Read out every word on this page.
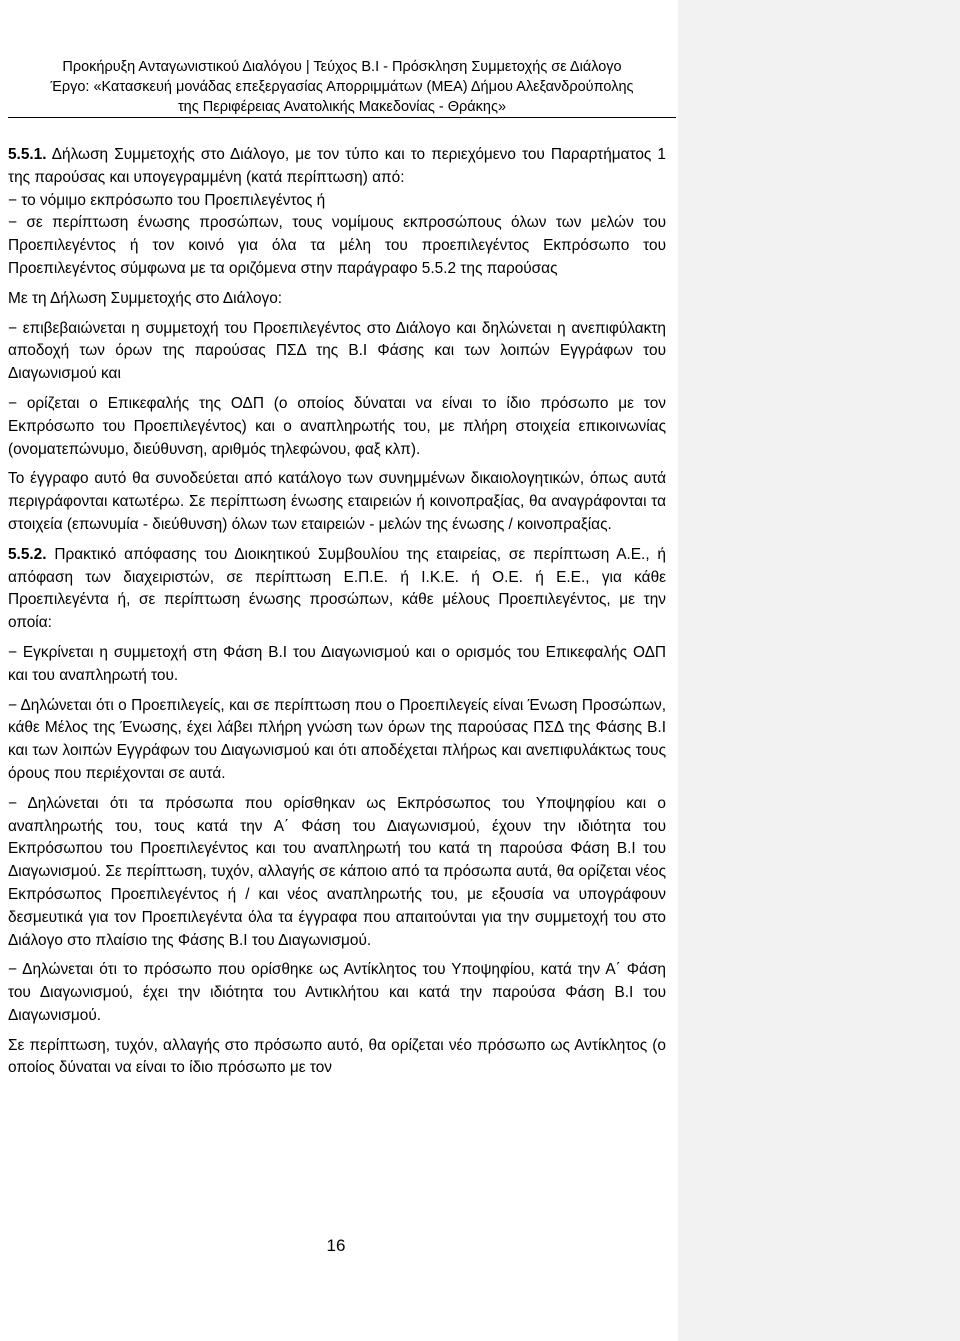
Προκήρυξη Ανταγωνιστικού Διαλόγου | Τεύχος Β.Ι - Πρόσκληση Συμμετοχής σε Διάλογο
Έργο: «Κατασκευή μονάδας επεξεργασίας Απορριμμάτων (ΜΕΑ) Δήμου Αλεξανδρούπολης
της Περιφέρειας Ανατολικής Μακεδονίας - Θράκης»

5.5.1. Δήλωση Συμμετοχής στο Διάλογο, με τον τύπο και το περιεχόμενο του Παραρτήματος 1 της παρούσας και υπογεγραμμένη (κατά περίπτωση) από:

− το νόμιμο εκπρόσωπο του Προεπιλεγέντος ή

− σε περίπτωση ένωσης προσώπων, τους νομίμους εκπροσώπους όλων των μελών του Προεπιλεγέντος ή τον κοινό για όλα τα μέλη του προεπιλεγέντος Εκπρόσωπο του Προεπιλεγέντος σύμφωνα με τα οριζόμενα στην παράγραφο 5.5.2 της παρούσας

Με τη Δήλωση Συμμετοχής στο Διάλογο:

− επιβεβαιώνεται η συμμετοχή του Προεπιλεγέντος στο Διάλογο και δηλώνεται η ανεπιφύλακτη αποδοχή των όρων της παρούσας ΠΣΔ της Β.Ι Φάσης και των λοιπών Εγγράφων του Διαγωνισμού και

− ορίζεται ο Επικεφαλής της ΟΔΠ (ο οποίος δύναται να είναι το ίδιο πρόσωπο με τον Εκπρόσωπο του Προεπιλεγέντος) και ο αναπληρωτής του, με πλήρη στοιχεία επικοινωνίας (ονοματεπώνυμο, διεύθυνση, αριθμός τηλεφώνου, φαξ κλπ).

Το έγγραφο αυτό θα συνοδεύεται από κατάλογο των συνημμένων δικαιολογητικών, όπως αυτά περιγράφονται κατωτέρω. Σε περίπτωση ένωσης εταιρειών ή κοινοπραξίας, θα αναγράφονται τα στοιχεία (επωνυμία - διεύθυνση) όλων των εταιρειών - μελών της ένωσης / κοινοπραξίας.

5.5.2. Πρακτικό απόφασης του Διοικητικού Συμβουλίου της εταιρείας, σε περίπτωση Α.Ε., ή απόφαση των διαχειριστών, σε περίπτωση Ε.Π.Ε. ή Ι.Κ.Ε. ή Ο.Ε. ή Ε.Ε., για κάθε Προεπιλεγέντα ή, σε περίπτωση ένωσης προσώπων, κάθε μέλους Προεπιλεγέντος, με την οποία:

− Εγκρίνεται η συμμετοχή στη Φάση Β.Ι του Διαγωνισμού και ο ορισμός του Επικεφαλής ΟΔΠ και του αναπληρωτή του.

− Δηλώνεται ότι ο Προεπιλεγείς, και σε περίπτωση που ο Προεπιλεγείς είναι Ένωση Προσώπων, κάθε Μέλος της Ένωσης, έχει λάβει πλήρη γνώση των όρων της παρούσας ΠΣΔ της Φάσης Β.Ι και των λοιπών Εγγράφων του Διαγωνισμού και ότι αποδέχεται πλήρως και ανεπιφυλάκτως τους όρους που περιέχονται σε αυτά.

− Δηλώνεται ότι τα πρόσωπα που ορίσθηκαν ως Εκπρόσωπος του Υποψηφίου και ο αναπληρωτής του, τους κατά την Α΄ Φάση του Διαγωνισμού, έχουν την ιδιότητα του Εκπρόσωπου του Προεπιλεγέντος και του αναπληρωτή του κατά τη παρούσα Φάση Β.Ι του Διαγωνισμού. Σε περίπτωση, τυχόν, αλλαγής σε κάποιο από τα πρόσωπα αυτά, θα ορίζεται νέος Εκπρόσωπος Προεπιλεγέντος ή / και νέος αναπληρωτής του, με εξουσία να υπογράφουν δεσμευτικά για τον Προεπιλεγέντα όλα τα έγγραφα που απαιτούνται για την συμμετοχή του στο Διάλογο στο πλαίσιο της Φάσης Β.Ι του Διαγωνισμού.

− Δηλώνεται ότι το πρόσωπο που ορίσθηκε ως Αντίκλητος του Υποψηφίου, κατά την Α΄ Φάση του Διαγωνισμού, έχει την ιδιότητα του Αντικλήτου και κατά την παρούσα Φάση Β.Ι του Διαγωνισμού.

Σε περίπτωση, τυχόν, αλλαγής στο πρόσωπο αυτό, θα ορίζεται νέο πρόσωπο ως Αντίκλητος (ο οποίος δύναται να είναι το ίδιο πρόσωπο με τον

16
